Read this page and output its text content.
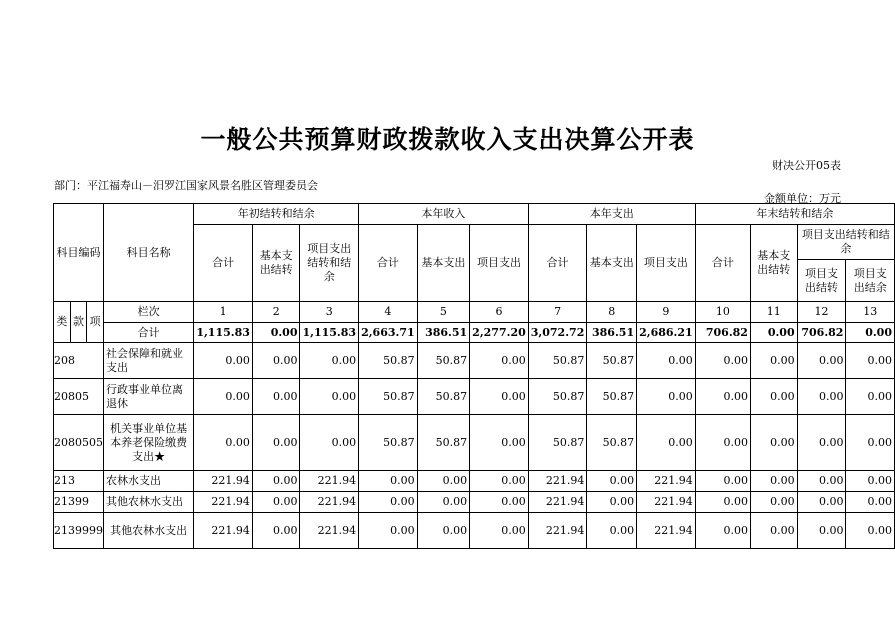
一般公共预算财政拨款收入支出决算公开表
财决公开05表
部门：平江福寿山－汨罗江国家风景名胜区管理委员会
金额单位：万元
科目编码			科目名称	年初结转和结余			本年收入			本年支出			年末结转和结余			
				合计	基本支出结转	项目支出结转和结余	合计	基本支出	项目支出	合计	基本支出	项目支出	合计	基本支出结转	项目支出结转和结余	
															项目支出结转	项目支出结余

类	款	项	栏次	1	2	3	4	5	6	7	8	9	10	11	12	13
			合计	1,115.83	0.00	1,115.83	2,663.71	386.51	2,277.20	3,072.72	386.51	2,686.21	706.82	0.00	706.82	0.00
208			社会保障和就业支出	0.00	0.00	0.00	50.87	50.87	0.00	50.87	50.87	0.00	0.00	0.00	0.00	0.00
20805			行政事业单位离退休	0.00	0.00	0.00	50.87	50.87	0.00	50.87	50.87	0.00	0.00	0.00	0.00	0.00
2080505			机关事业单位基本养老保险缴费支出★	0.00	0.00	0.00	50.87	50.87	0.00	50.87	50.87	0.00	0.00	0.00	0.00	0.00
213			农林水支出	221.94	0.00	221.94	0.00	0.00	0.00	221.94	0.00	221.94	0.00	0.00	0.00	0.00
21399			其他农林水支出	221.94	0.00	221.94	0.00	0.00	0.00	221.94	0.00	221.94	0.00	0.00	0.00	0.00
2139999			其他农林水支出	221.94	0.00	221.94	0.00	0.00	0.00	221.94	0.00	221.94	0.00	0.00	0.00	0.00
